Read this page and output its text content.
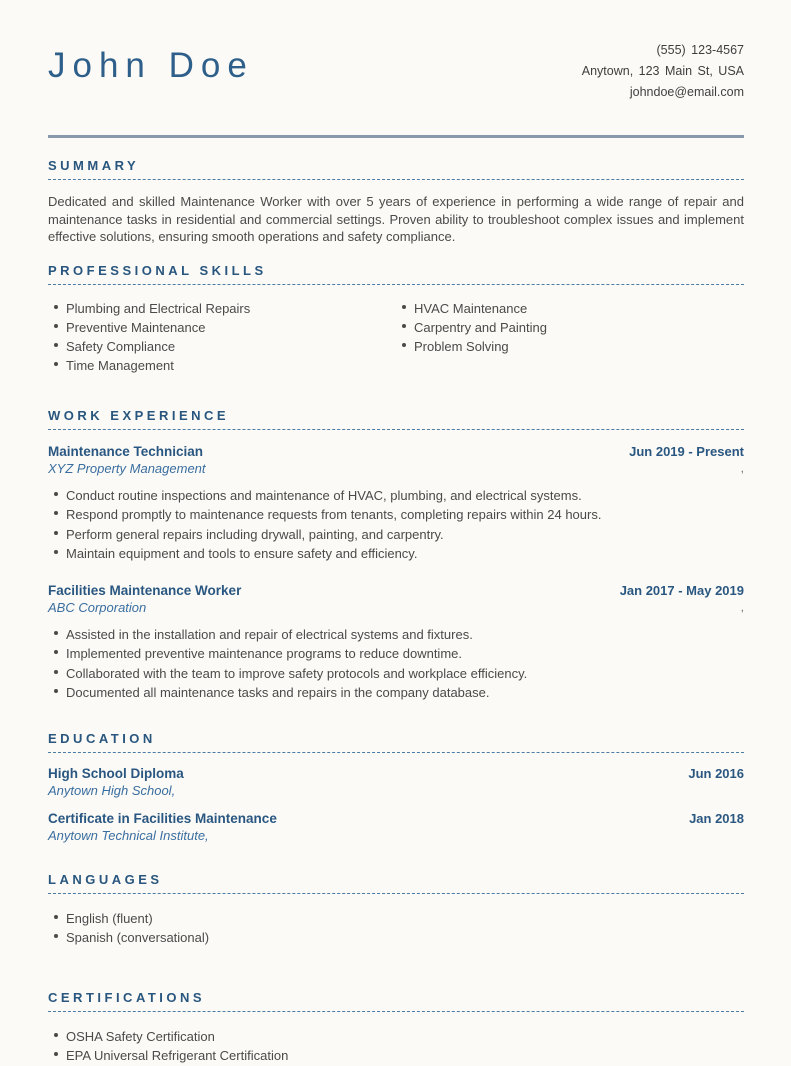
John Doe	(555) 123-4567
Anytown, 123 Main St, USA
johndoe@email.com
SUMMARY
Dedicated and skilled Maintenance Worker with over 5 years of experience in performing a wide range of repair and maintenance tasks in residential and commercial settings. Proven ability to troubleshoot complex issues and implement effective solutions, ensuring smooth operations and safety compliance.
PROFESSIONAL SKILLS
Plumbing and Electrical Repairs
Preventive Maintenance
Safety Compliance
Time Management
HVAC Maintenance
Carpentry and Painting
Problem Solving
WORK EXPERIENCE
Maintenance Technician	Jun 2019 - Present
XYZ Property Management	,
Conduct routine inspections and maintenance of HVAC, plumbing, and electrical systems.
Respond promptly to maintenance requests from tenants, completing repairs within 24 hours.
Perform general repairs including drywall, painting, and carpentry.
Maintain equipment and tools to ensure safety and efficiency.
Facilities Maintenance Worker	Jan 2017 - May 2019
ABC Corporation	,
Assisted in the installation and repair of electrical systems and fixtures.
Implemented preventive maintenance programs to reduce downtime.
Collaborated with the team to improve safety protocols and workplace efficiency.
Documented all maintenance tasks and repairs in the company database.
EDUCATION
High School Diploma	Jun 2016
Anytown High School,
Certificate in Facilities Maintenance	Jan 2018
Anytown Technical Institute,
LANGUAGES
English (fluent)
Spanish (conversational)
CERTIFICATIONS
OSHA Safety Certification
EPA Universal Refrigerant Certification
